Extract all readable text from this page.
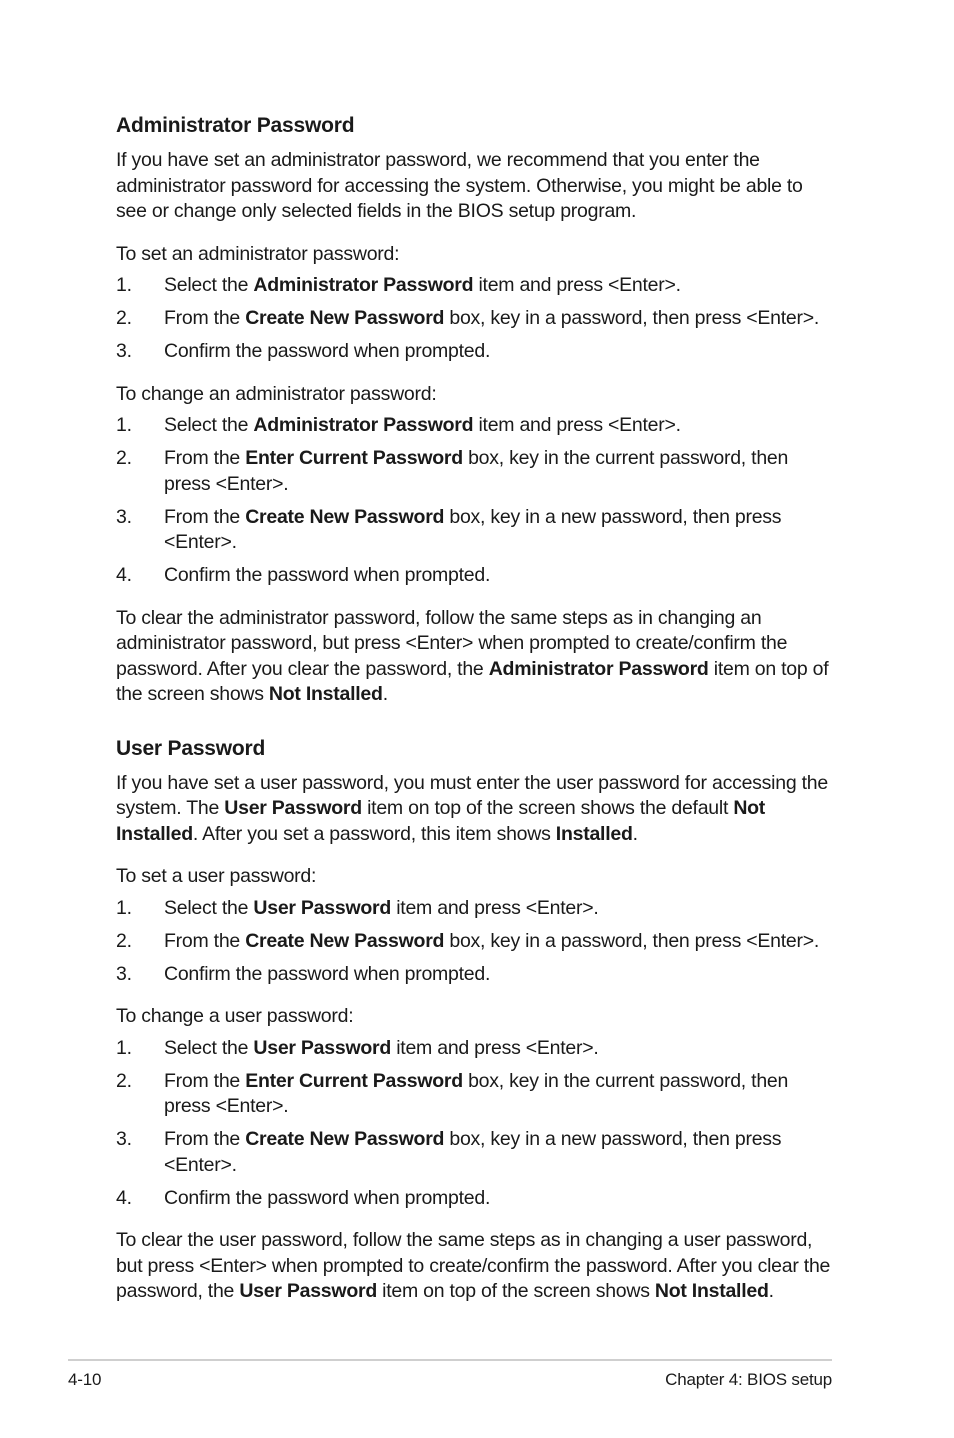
Administrator Password

If you have set an administrator password, we recommend that you enter the administrator password for accessing the system. Otherwise, you might be able to see or change only selected fields in the BIOS setup program.

To set an administrator password:

1. Select the Administrator Password item and press <Enter>.
2. From the Create New Password box, key in a password, then press <Enter>.
3. Confirm the password when prompted.

To change an administrator password:

1. Select the Administrator Password item and press <Enter>.
2. From the Enter Current Password box, key in the current password, then press <Enter>.
3. From the Create New Password box, key in a new password, then press <Enter>.
4. Confirm the password when prompted.

To clear the administrator password, follow the same steps as in changing an administrator password, but press <Enter> when prompted to create/confirm the password. After you clear the password, the Administrator Password item on top of the screen shows Not Installed.

User Password

If you have set a user password, you must enter the user password for accessing the system. The User Password item on top of the screen shows the default Not Installed. After you set a password, this item shows Installed.

To set a user password:

1. Select the User Password item and press <Enter>.
2. From the Create New Password box, key in a password, then press <Enter>.
3. Confirm the password when prompted.

To change a user password:

1. Select the User Password item and press <Enter>.
2. From the Enter Current Password box, key in the current password, then press <Enter>.
3. From the Create New Password box, key in a new password, then press <Enter>.
4. Confirm the password when prompted.

To clear the user password, follow the same steps as in changing a user password, but press <Enter> when prompted to create/confirm the password. After you clear the password, the User Password item on top of the screen shows Not Installed.

4-10	Chapter 4: BIOS setup
